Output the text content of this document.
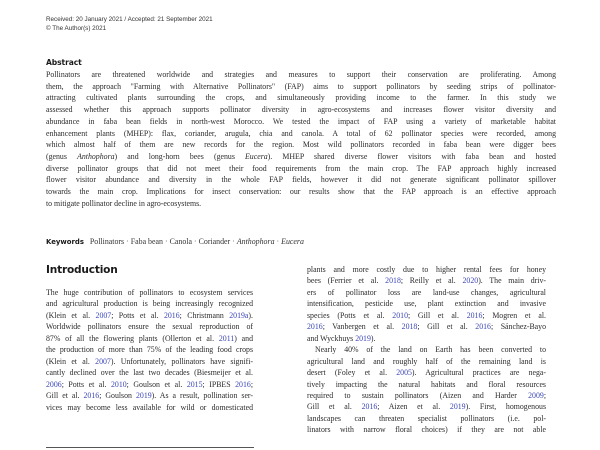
Received: 20 January 2021 / Accepted: 21 September 2021
© The Author(s) 2021
Abstract
Pollinators are threatened worldwide and strategies and measures to support their conservation are proliferating. Among
them, the approach "Farming with Alternative Pollinators" (FAP) aims to support pollinators by seeding strips of pollinator-
attracting cultivated plants surrounding the crops, and simultaneously providing income to the farmer. In this study we
assessed whether this approach supports pollinator diversity in agro-ecosystems and increases flower visitor diversity and
abundance in faba bean fields in north-west Morocco. We tested the impact of FAP using a variety of marketable habitat
enhancement plants (MHEP): flax, coriander, arugula, chia and canola. A total of 62 pollinator species were recorded, among
which almost half of them are new records for the region. Most wild pollinators recorded in faba bean were digger bees
(genus Anthophora) and long-horn bees (genus Eucera). MHEP shared diverse flower visitors with faba bean and hosted
diverse pollinator groups that did not meet their food requirements from the main crop. The FAP approach highly increased
flower visitor abundance and diversity in the whole FAP fields, however it did not generate significant pollinator spillover
towards the main crop. Implications for insect conservation: our results show that the FAP approach is an effective approach
to mitigate pollinator decline in agro-ecosystems.
Keywords Pollinators · Faba bean · Canola · Coriander · Anthophora · Eucera
Introduction
The huge contribution of pollinators to ecosystem services
and agricultural production is being increasingly recognized
(Klein et al. 2007; Potts et al. 2016; Christmann 2019a).
Worldwide pollinators ensure the sexual reproduction of
87% of all the flowering plants (Ollerton et al. 2011) and
the production of more than 75% of the leading food crops
(Klein et al. 2007). Unfortunately, pollinators have signifi-
cantly declined over the last two decades (Biesmeijer et al.
2006; Potts et al. 2010; Goulson et al. 2015; IPBES 2016;
Gill et al. 2016; Goulson 2019). As a result, pollination ser-
vices may become less available for wild or domesticated
plants and more costly due to higher rental fees for honey
bees (Ferrier et al. 2018; Reilly et al. 2020). The main driv-
ers of pollinator loss are land-use changes, agricultural
intensification, pesticide use, plant extinction and invasive
species (Potts et al. 2010; Gill et al. 2016; Mogren et al.
2016; Vanbergen et al. 2018; Gill et al. 2016; Sánchez-Bayo
and Wyckhuys 2019).
Nearly 40% of the land on Earth has been converted to
agricultural land and roughly half of the remaining land is
desert (Foley et al. 2005). Agricultural practices are nega-
tively impacting the natural habitats and floral resources
required to sustain pollinators (Aizen and Harder 2009;
Gill et al. 2016; Aizen et al. 2019). First, homogenous
landscapes can threaten specialist pollinators (i.e. pol-
linators with narrow floral choices) if they are not able
